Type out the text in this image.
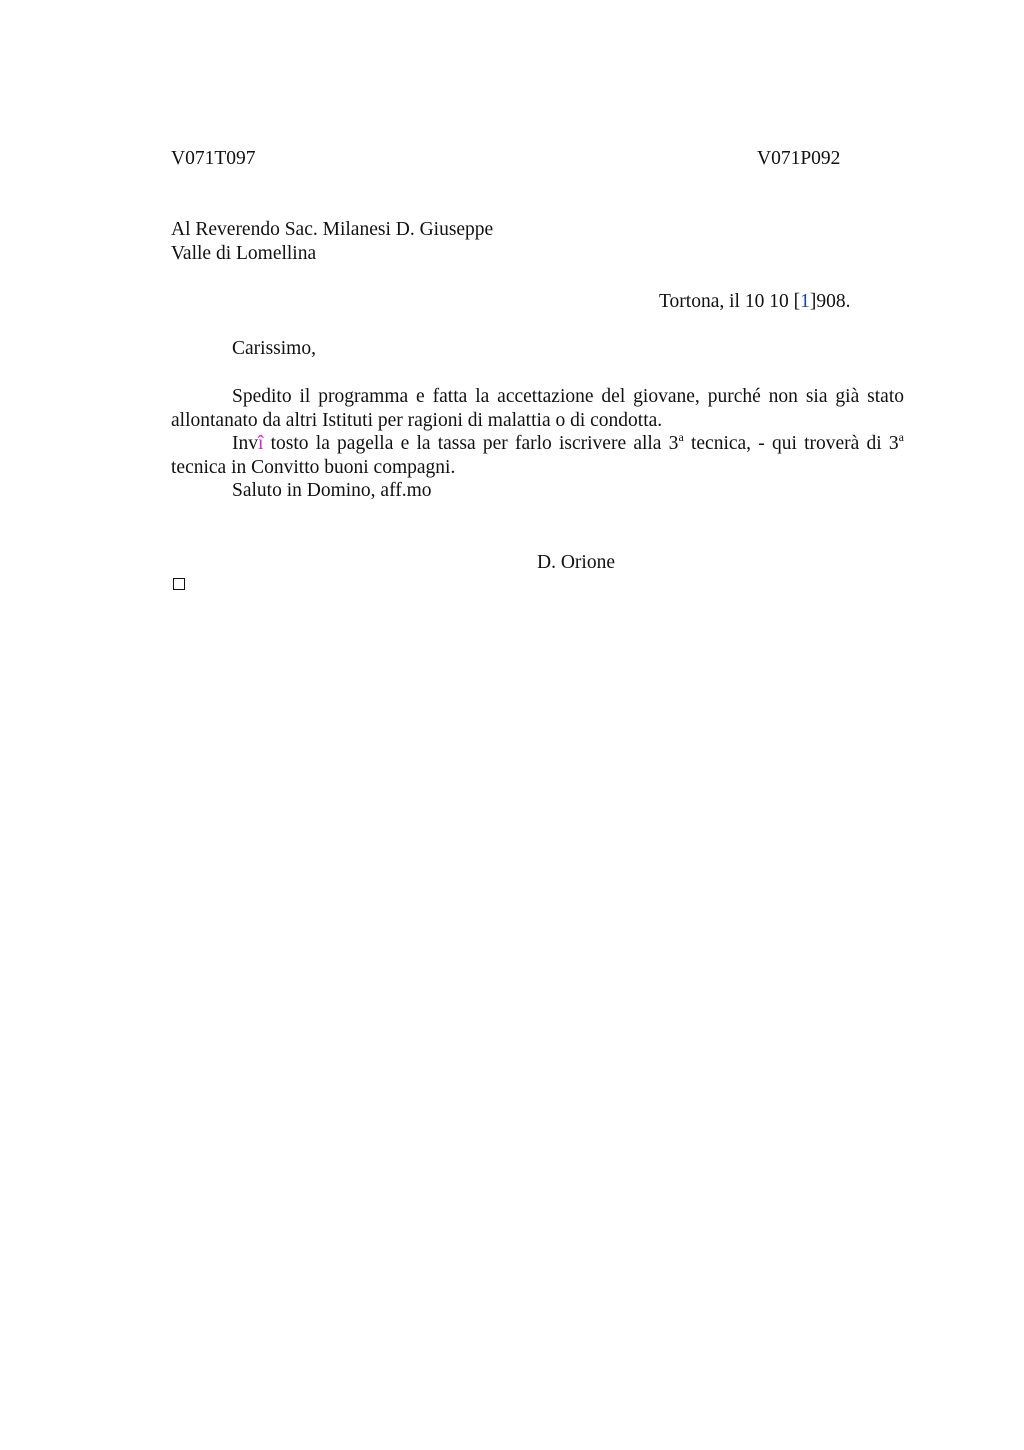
V071T097	V071P092
Al Reverendo Sac. Milanesi D. Giuseppe
Valle di Lomellina
Tortona, il 10 10 [1]908.
Carissimo,

Spedito il programma e fatta la accettazione del giovane, purché non sia già stato allontanato da altri Istituti per ragioni di malattia o di condotta.

Invî tosto la pagella e la tassa per farlo iscrivere alla 3$^a$ tecnica, - qui troverà di 3$^a$ tecnica in Convitto buoni compagni.

Saluto in Domino, aff.mo

D. Orione
